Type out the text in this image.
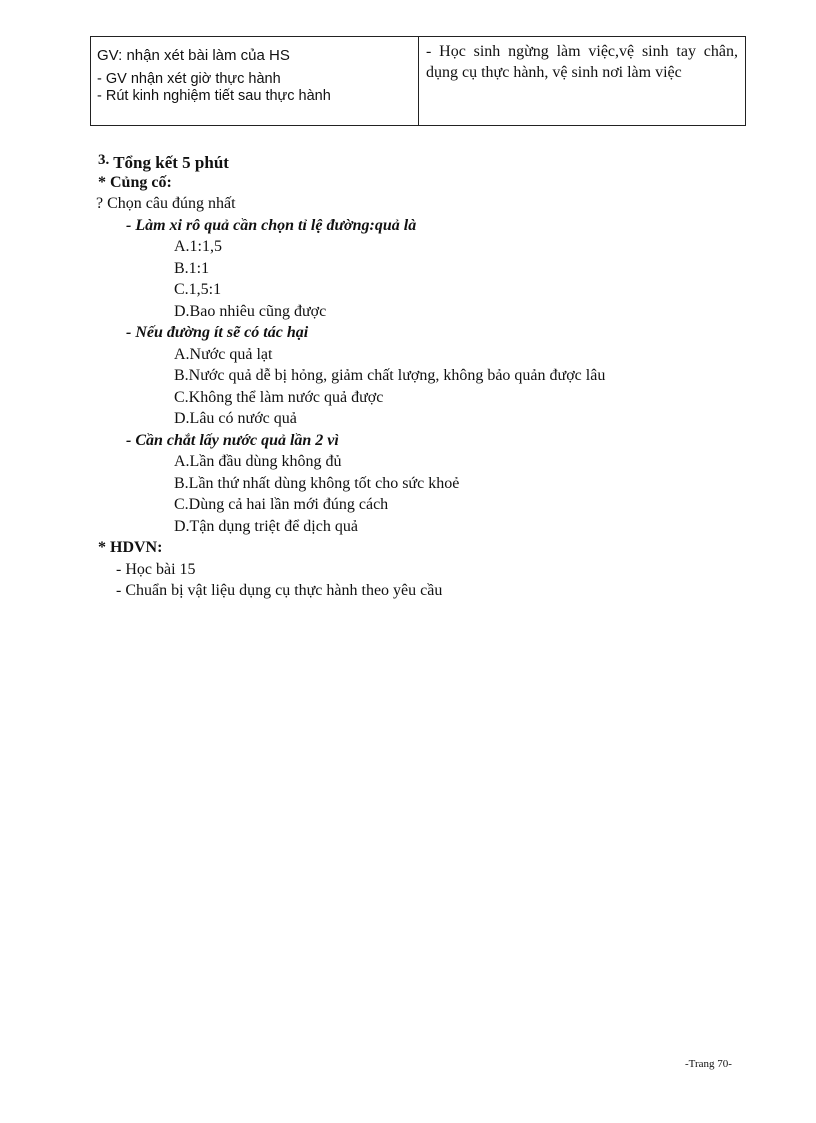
GV: nhận xét bài làm của HS
- GV nhận xét giờ thực hành
- Rút kinh nghiệm tiết sau thực hành
- Học sinh ngừng làm việc,vệ sinh tay chân, dụng cụ thực hành, vệ sinh nơi làm việc
3. Tổng kết 5 phút
* Củng cố:
? Chọn câu đúng nhất
- Làm xi rô quả cần chọn tỉ lệ đường:quả là
A.1:1,5
B.1:1
C.1,5:1
D.Bao nhiêu cũng được
- Nếu đường ít sẽ có tác hại
A.Nước quả lạt
B.Nước quả dễ bị hỏng, giảm chất lượng, không bảo quản được lâu
C.Không thể làm nước quả được
D.Lâu có nước quả
- Cần chắt lấy nước quả lần 2 vì
A.Lần đầu dùng không đủ
B.Lần thứ nhất dùng không tốt cho sức khoẻ
C.Dùng cả hai lần mới đúng cách
D.Tận dụng triệt để dịch quả
* HDVN:
- Học bài 15
- Chuẩn bị vật liệu dụng cụ thực hành theo yêu cầu
-Trang 70-
